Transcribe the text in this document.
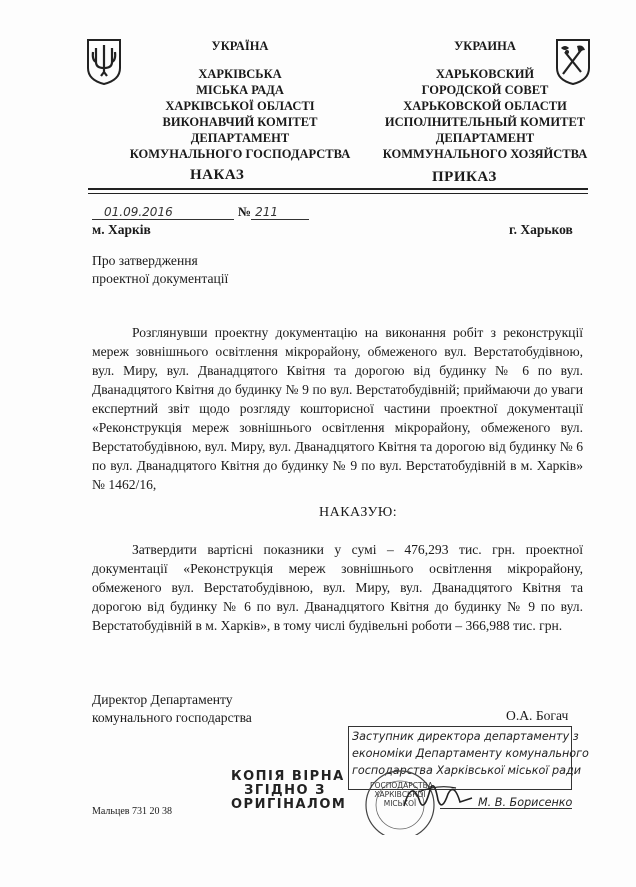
УКРАЇНА
ХАРКІВСЬКА
МІСЬКА РАДА
ХАРКІВСЬКОЇ ОБЛАСТІ
ВИКОНАВЧИЙ КОМІТЕТ
ДЕПАРТАМЕНТ
КОМУНАЛЬНОГО ГОСПОДАРСТВА
УКРАИНА
ХАРЬКОВСКИЙ
ГОРОДСКОЙ СОВЕТ
ХАРЬКОВСКОЙ ОБЛАСТИ
ИСПОЛНИТЕЛЬНЫЙ КОМИТЕТ
ДЕПАРТАМЕНТ
КОММУНАЛЬНОГО ХОЗЯЙСТВА
НАКАЗ	ПРИКАЗ
01.09.2016	№ 211
м. Харків	г. Харьков
Про затвердження
проектної документації
Розглянувши проектну документацію на виконання робіт з реконструкції мереж зовнішнього освітлення мікрорайону, обмеженого вул. Верстатобудівною, вул. Миру, вул. Дванадцятого Квітня та дорогою від будинку № 6 по вул. Дванадцятого Квітня до будинку № 9 по вул. Верстатобудівній; приймаючи до уваги експертний звіт щодо розгляду кошторисної частини проектної документації «Реконструкція мереж зовнішнього освітлення мікрорайону, обмеженого вул. Верстатобудівною, вул. Миру, вул. Дванадцятого Квітня та дорогою від будинку № 6 по вул. Дванадцятого Квітня до будинку № 9 по вул. Верстатобудівній в м. Харків» № 1462/16,
НАКАЗУЮ:
Затвердити вартісні показники у сумі – 476,293 тис. грн. проектної документації «Реконструкція мереж зовнішнього освітлення мікрорайону, обмеженого вул. Верстатобудівною, вул. Миру, вул. Дванадцятого Квітня та дорогою від будинку № 6 по вул. Дванадцятого Квітня до будинку № 9 по вул. Верстатобудівній в м. Харків», в тому числі будівельні роботи – 366,988 тис. грн.
Директор Департаменту
комунального господарства	О.А. Богач
Заступник директора департаменту з
економіки Департаменту комунального
господарства Харківської міської ради
ГОСПОДАРСТВА
ХАРКІВСЬКОЇ
МІСЬКОЇ	М. В. Борисенко
КОПІЯ ВІРНА
ЗГІДНО З
ОРИГІНАЛОМ
Мальцев 731 20 38
